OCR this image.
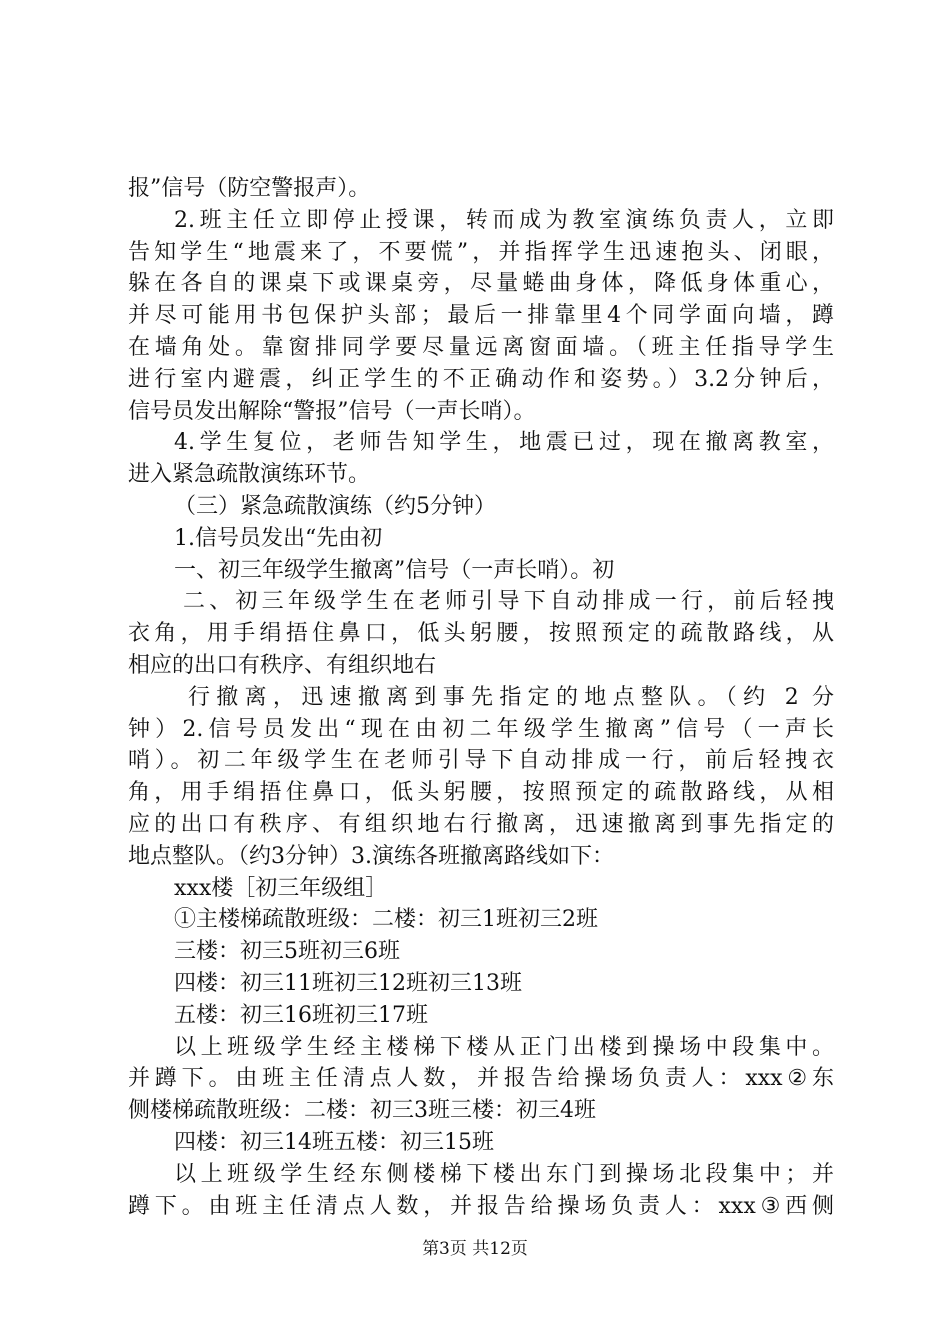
报”信号（防空警报声）。
2.班主任立即停止授课，转而成为教室演练负责人，立即
告知学生“地震来了，不要慌”，并指挥学生迅速抱头、闭眼，
躲在各自的课桌下或课桌旁，尽量蜷曲身体，降低身体重心，
并尽可能用书包保护头部；最后一排靠里4个同学面向墙，蹲
在墙角处。靠窗排同学要尽量远离窗面墙。（班主任指导学生
进行室内避震，纠正学生的不正确动作和姿势。）3.2分钟后，
信号员发出解除“警报”信号（一声长哨）。
4.学生复位，老师告知学生，地震已过，现在撤离教室，
进入紧急疏散演练环节。
（三）紧急疏散演练（约5分钟）
1.信号员发出“先由初
一、初三年级学生撤离”信号（一声长哨）。初
二、初三年级学生在老师引导下自动排成一行，前后轻拽
衣角，用手绢捂住鼻口，低头躬腰，按照预定的疏散路线，从
相应的出口有秩序、有组织地右
行撤离，迅速撤离到事先指定的地点整队。（约 2 分
钟）2.信号员发出“现在由初二年级学生撤离”信号（一声长
哨）。初二年级学生在老师引导下自动排成一行，前后轻拽衣
角，用手绢捂住鼻口，低头躬腰，按照预定的疏散路线，从相
应的出口有秩序、有组织地右行撤离，迅速撤离到事先指定的
地点整队。（约3分钟）3.演练各班撤离路线如下：
xxx楼［初三年级组］
①主楼梯疏散班级：二楼：初三1班初三2班
三楼：初三5班初三6班
四楼：初三11班初三12班初三13班
五楼：初三16班初三17班
以上班级学生经主楼梯下楼从正门出楼到操场中段集中。
并蹲下。由班主任清点人数，并报告给操场负责人：xxx②东
侧楼梯疏散班级：二楼：初三3班三楼：初三4班
四楼：初三14班五楼：初三15班
以上班级学生经东侧楼梯下楼出东门到操场北段集中；并
蹲下。由班主任清点人数，并报告给操场负责人：xxx③西侧
第3页 共12页
